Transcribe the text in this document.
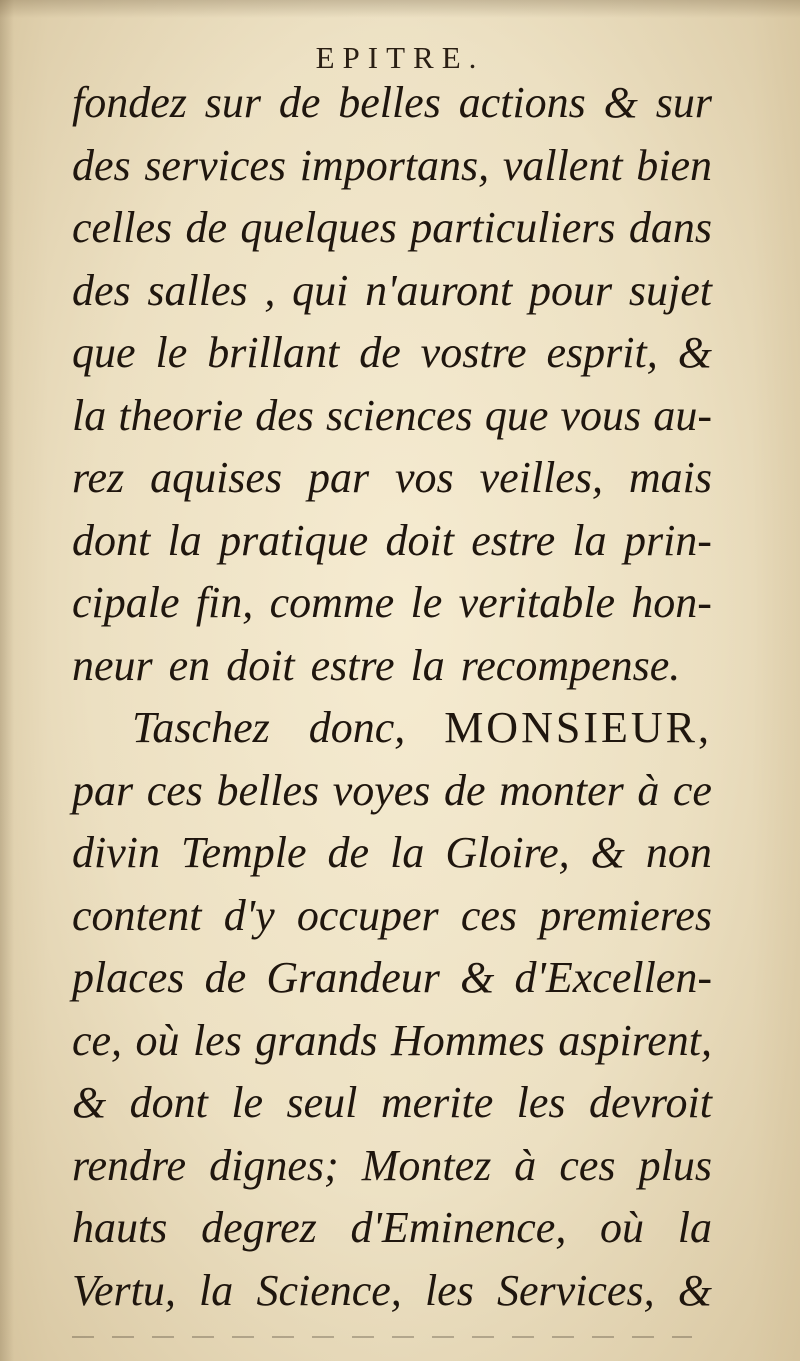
EPITRE.
fondez sur de belles actions & sur
des services importans, vallent bien
celles de quelques particuliers dans
des salles , qui n'auront pour sujet
que le brillant de vostre esprit, &
la theorie des sciences que vous au-
rez aquises par vos veilles, mais
dont la pratique doit estre la prin-
cipale fin, comme le veritable hon-
neur en doit estre la recompense.
Taschez donc, MONSIEUR,
par ces belles voyes de monter à ce
divin Temple de la Gloire, & non
content d'y occuper ces premieres
places de Grandeur & d'Excellen-
ce, où les grands Hommes aspirent,
& dont le seul merite les devroit
rendre dignes; Montez à ces plus
hauts degrez d'Eminence, où la
Vertu, la Science, les Services, &
